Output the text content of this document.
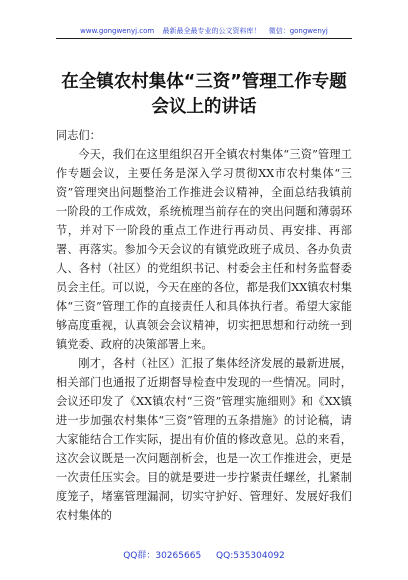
www.gongwenyj.com 最新最全最专业的公文资料库！ 微信：gongwenyj
在全镇农村集体“三资”管理工作专题会议上的讲话

同志们：

今天，我们在这里组织召开全镇农村集体“三资”管理工作专题会议，主要任务是深入学习贯彻XX市农村集体“三资”管理突出问题整治工作推进会议精神，全面总结我镇前一阶段的工作成效，系统梳理当前存在的突出问题和薄弱环节，并对下一阶段的重点工作进行再动员、再安排、再部署、再落实。参加今天会议的有镇党政班子成员、各办负责人、各村（社区）的党组织书记、村委会主任和村务监督委员会主任。可以说，今天在座的各位，都是我们XX镇农村集体“三资”管理工作的直接责任人和具体执行者。希望大家能够高度重视，认真领会会议精神，切实把思想和行动统一到镇党委、政府的决策部署上来。

刚才，各村（社区）汇报了集体经济发展的最新进展，相关部门也通报了近期督导检查中发现的一些情况。同时，会议还印发了《XX镇农村“三资”管理实施细则》和《XX镇进一步加强农村集体“三资”管理的五条措施》的讨论稿，请大家能结合工作实际，提出有价值的修改意见。总的来看，这次会议既是一次问题剖析会，也是一次工作推进会，更是一次责任压实会。目的就是要进一步拧紧责任螺丝，扎紧制度笼子，堵塞管理漏洞，切实守护好、管理好、发展好我们农村集体的

QQ群：30265665 QQ:535304092
